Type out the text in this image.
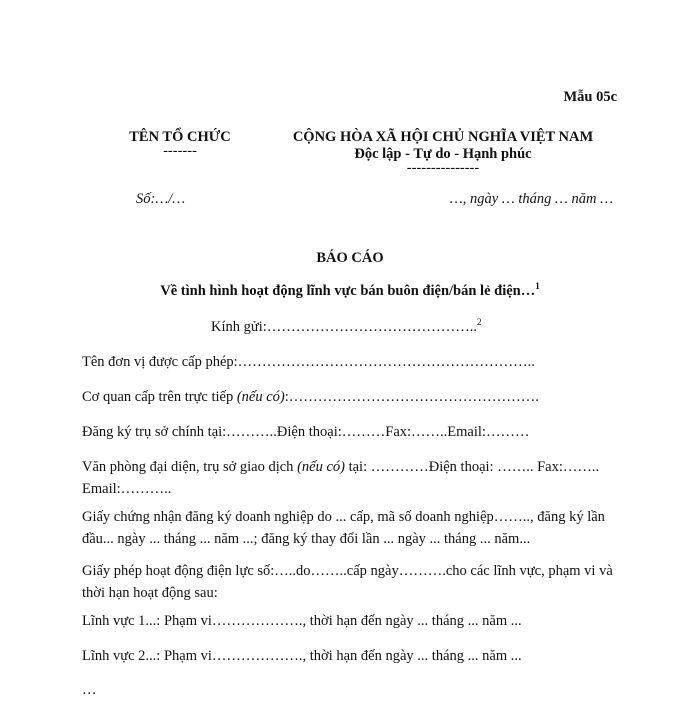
Mẫu 05c
TÊN TỔ CHỨC
-------
CỘNG HÒA XÃ HỘI CHỦ NGHĨA VIỆT NAM
Độc lập - Tự do - Hạnh phúc
---------------
Số:…/…	…, ngày … tháng … năm …
BÁO CÁO
Về tình hình hoạt động lĩnh vực bán buôn điện/bán lẻ điện…$^1$
Kính gửi:……………………………………..$^2$
Tên đơn vị được cấp phép:……………………………………………………..
Cơ quan cấp trên trực tiếp (nếu có):…………………………………………….
Đăng ký trụ sở chính tại:………..Điện thoại:………Fax:……..Email:………
Văn phòng đại diện, trụ sở giao dịch (nếu có) tại: …………Điện thoại: …….. Fax:…….. Email:………..
Giấy chứng nhận đăng ký doanh nghiệp do ... cấp, mã số doanh nghiệp…….., đăng ký lần đầu... ngày ... tháng ... năm ...; đăng ký thay đổi lần ... ngày ... tháng ... năm...
Giấy phép hoạt động điện lực số:…..do……..cấp ngày……….cho các lĩnh vực, phạm vi và thời hạn hoạt động sau:
Lĩnh vực 1...: Phạm vi………………., thời hạn đến ngày ... tháng ... năm ...
Lĩnh vực 2...: Phạm vi………………., thời hạn đến ngày ... tháng ... năm ...
…
